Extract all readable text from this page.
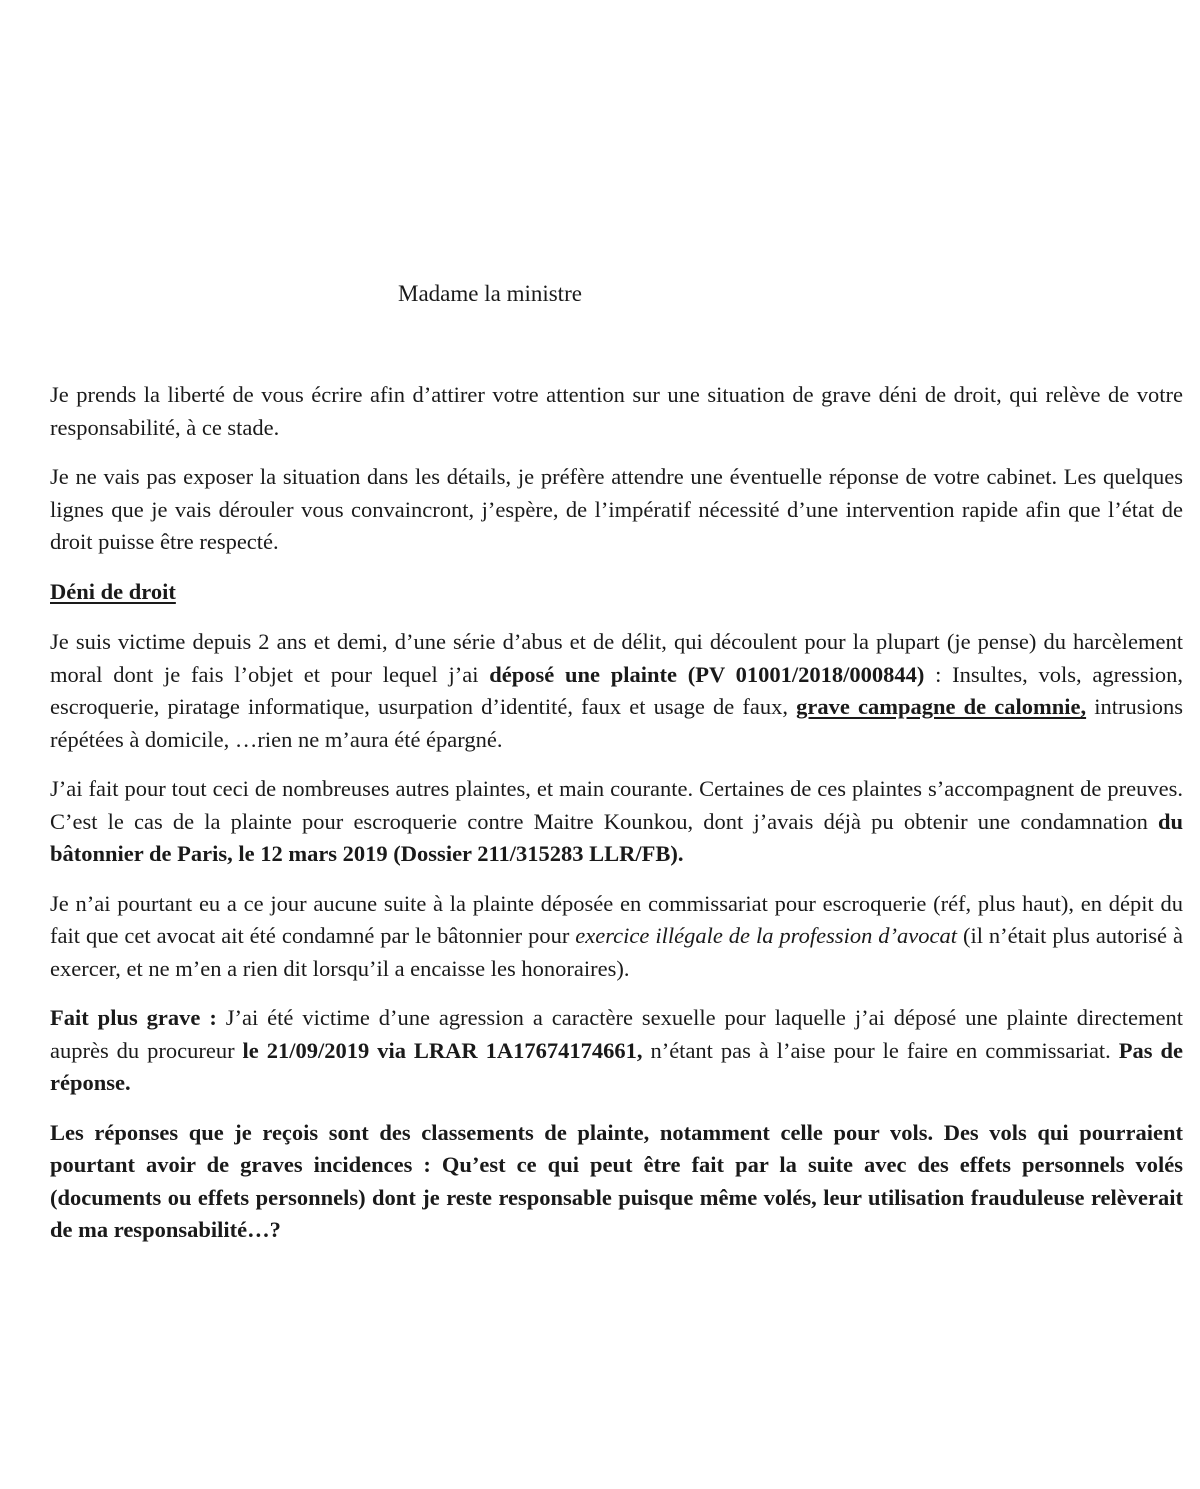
Madame la ministre

Je prends la liberté de vous écrire afin d’attirer votre attention sur une situation de grave déni de droit, qui relève de votre responsabilité, à ce stade.

Je ne vais pas exposer la situation dans les détails, je préfère attendre une éventuelle réponse de votre cabinet. Les quelques lignes que je vais dérouler vous convaincront, j’espère, de l’impératif nécessité d’une intervention rapide afin que l’état de droit puisse être respecté.

Déni de droit

Je suis victime depuis 2 ans et demi, d’une série d’abus et de délit, qui découlent pour la plupart (je pense) du harcèlement moral dont je fais l’objet et pour lequel j’ai déposé une plainte (PV 01001/2018/000844) : Insultes, vols, agression, escroquerie, piratage informatique, usurpation d’identité, faux et usage de faux, grave campagne de calomnie, intrusions répétées à domicile, …rien ne m’aura été épargné.

J’ai fait pour tout ceci de nombreuses autres plaintes, et main courante. Certaines de ces plaintes s’accompagnent de preuves. C’est le cas de la plainte pour escroquerie contre Maitre Kounkou, dont j’avais déjà pu obtenir une condamnation du bâtonnier de Paris, le 12 mars 2019 (Dossier 211/315283 LLR/FB).

Je n’ai pourtant eu a ce jour aucune suite à la plainte déposée en commissariat pour escroquerie (réf, plus haut), en dépit du fait que cet avocat ait été condamné par le bâtonnier pour exercice illégale de la profession d’avocat (il n’était plus autorisé à exercer, et ne m’en a rien dit lorsqu’il a encaisse les honoraires).

Fait plus grave : J’ai été victime d’une agression a caractère sexuelle pour laquelle j’ai déposé une plainte directement auprès du procureur le 21/09/2019 via LRAR 1A17674174661, n’étant pas à l’aise pour le faire en commissariat. Pas de réponse.

Les réponses que je reçois sont des classements de plainte, notamment celle pour vols. Des vols qui pourraient pourtant avoir de graves incidences : Qu’est ce qui peut être fait par la suite avec des effets personnels volés (documents ou effets personnels) dont je reste responsable puisque même volés, leur utilisation frauduleuse relèverait de ma responsabilité…?
